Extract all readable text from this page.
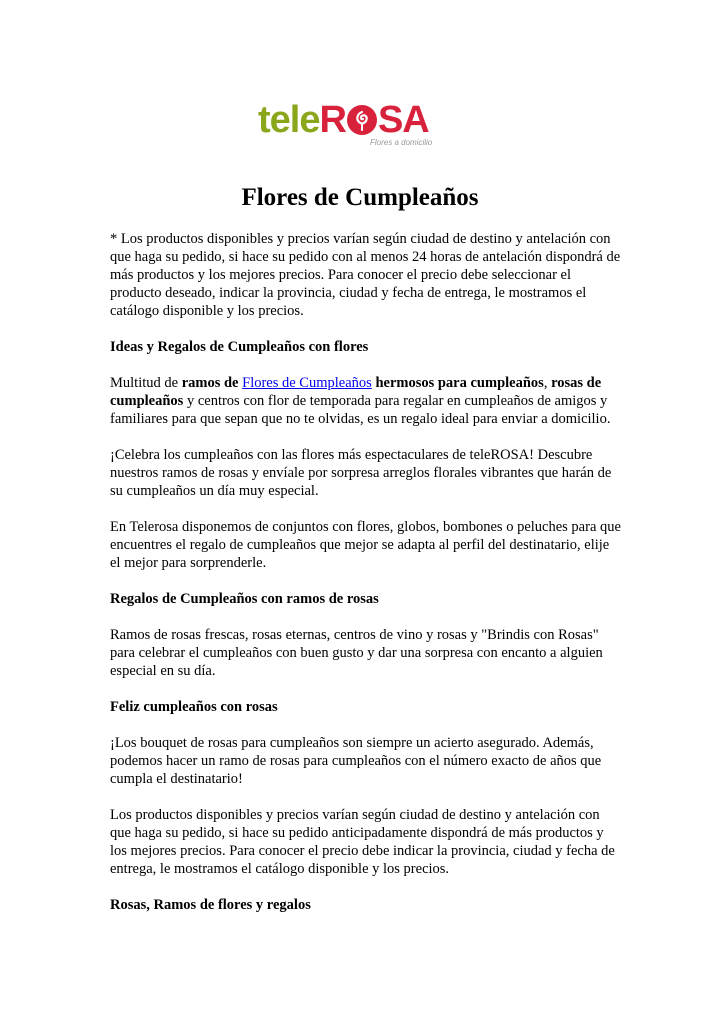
teleR SA
Flores a domicilio
Flores de Cumpleaños

* Los productos disponibles y precios varían según ciudad de destino y antelación con que haga su pedido, si hace su pedido con al menos 24 horas de antelación dispondrá de más productos y los mejores precios. Para conocer el precio debe seleccionar el producto deseado, indicar la provincia, ciudad y fecha de entrega, le mostramos el catálogo disponible y los precios.

Ideas y Regalos de Cumpleaños con flores

Multitud de ramos de Flores de Cumpleaños hermosos para cumpleaños, rosas de cumpleaños y centros con flor de temporada para regalar en cumpleaños de amigos y familiares para que sepan que no te olvidas, es un regalo ideal para enviar a domicilio.

¡Celebra los cumpleaños con las flores más espectaculares de teleROSA! Descubre nuestros ramos de rosas y envíale por sorpresa arreglos florales vibrantes que harán de su cumpleaños un día muy especial.

En Telerosa disponemos de conjuntos con flores, globos, bombones o peluches para que encuentres el regalo de cumpleaños que mejor se adapta al perfil del destinatario, elije el mejor para sorprenderle.

Regalos de Cumpleaños con ramos de rosas

Ramos de rosas frescas, rosas eternas, centros de vino y rosas y "Brindis con Rosas" para celebrar el cumpleaños con buen gusto y dar una sorpresa con encanto a alguien especial en su día.

Feliz cumpleaños con rosas

¡Los bouquet de rosas para cumpleaños son siempre un acierto asegurado. Además, podemos hacer un ramo de rosas para cumpleaños con el número exacto de años que cumpla el destinatario!

Los productos disponibles y precios varían según ciudad de destino y antelación con que haga su pedido, si hace su pedido anticipadamente dispondrá de más productos y los mejores precios. Para conocer el precio debe indicar la provincia, ciudad y fecha de entrega, le mostramos el catálogo disponible y los precios.

Rosas, Ramos de flores y regalos
